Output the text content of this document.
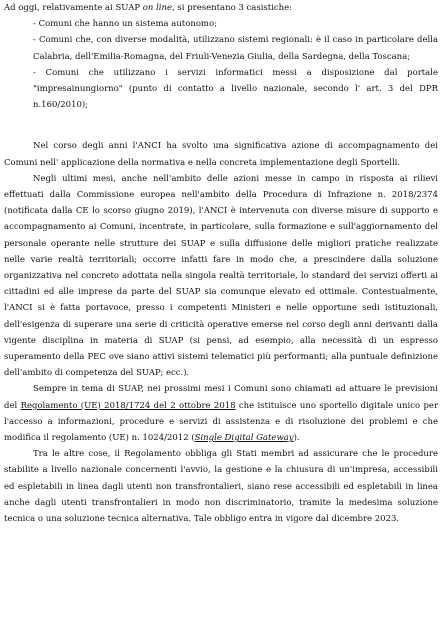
Ad oggi, relativamente ai SUAP on line, si presentano 3 casistiche:

- Comuni che hanno un sistema autonomo;

- Comuni che, con diverse modalità, utilizzano sistemi regionali: è il caso in particolare della Calabria, dell'Emilia-Romagna, del Friuli-Venezia Giulia, della Sardegna, della Toscana;

- Comuni che utilizzano i servizi informatici messi a disposizione dal portale "impresainungiorno" (punto di contatto a livello nazionale, secondo l' art. 3 del DPR n.160/2010);

Nel corso degli anni l'ANCI ha svolto una significativa azione di accompagnamento dei Comuni nell' applicazione della normativa e nella concreta implementazione degli Sportelli.

Negli ultimi mesi, anche nell'ambito delle azioni messe in campo in risposta ai rilievi effettuati dalla Commissione europea nell'ambito della Procedura di Infrazione n. 2018/2374 (notificata dalla CE lo scorso giugno 2019), l'ANCI è intervenuta con diverse misure di supporto e accompagnamento ai Comuni, incentrate, in particolare, sulla formazione e sull'aggiornamento del personale operante nelle strutture dei SUAP e sulla diffusione delle migliori pratiche realizzate nelle varie realtà territoriali; occorre infatti fare in modo che, a prescindere dalla soluzione organizzativa nel concreto adottata nella singola realtà territoriale, lo standard dei servizi offerti ai cittadini ed alle imprese da parte del SUAP sia comunque elevato ed ottimale. Contestualmente, l'ANCI si è fatta portavoce, presso i competenti Ministeri e nelle opportune sedi istituzionali, dell'esigenza di superare una serie di criticità operative emerse nel corso degli anni derivanti dalla vigente disciplina in materia di SUAP (si pensi, ad esempio, alla necessità di un espresso superamento della PEC ove siano attivi sistemi telematici più performanti; alla puntuale definizione dell'ambito di competenza del SUAP; ecc.).

Sempre in tema di SUAP, nei prossimi mesi i Comuni sono chiamati ad attuare le previsioni del Regolamento (UE) 2018/1724 del 2 ottobre 2018 che istituisce uno sportello digitale unico per l'accesso a informazioni, procedure e servizi di assistenza e di risoluzione dei problemi e che modifica il regolamento (UE) n. 1024/2012 (Single Digital Gateway).

Tra le altre cose, il Regolamento obbliga gli Stati membri ad assicurare che le procedure stabilite a livello nazionale concernenti l'avvio, la gestione e la chiusura di un'impresa, accessibili ed espletabili in linea dagli utenti non transfrontalieri, siano rese accessibili ed espletabili in linea anche dagli utenti transfrontalieri in modo non discriminatorio, tramite la medesima soluzione tecnica o una soluzione tecnica alternativa. Tale obbligo entra in vigore dal dicembre 2023.
